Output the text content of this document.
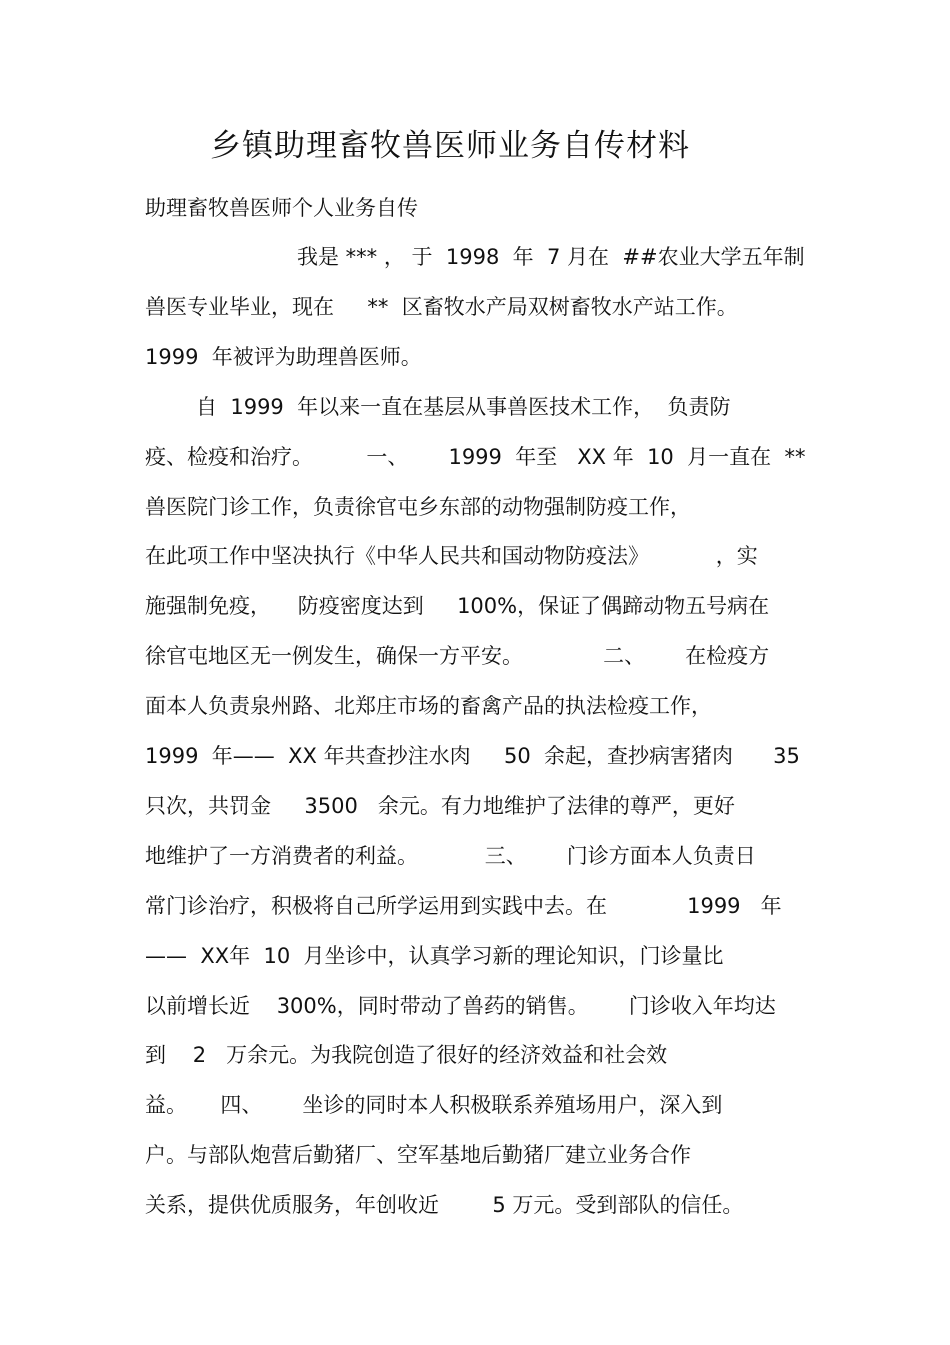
乡镇助理畜牧兽医师业务自传材料
助理畜牧兽医师个人业务自传
我是 *** ， 于  1998  年  7 月在  ##农业大学五年制
兽医专业毕业，现在     **  区畜牧水产局双树畜牧水产站工作。
1999  年被评为助理兽医师。
自  1999  年以来一直在基层从事兽医技术工作，  负责防
疫、检疫和治疗。        一、      1999  年至   XX 年  10  月一直在  **
兽医院门诊工作，负责徐官屯乡东部的动物强制防疫工作，
在此项工作中坚决执行《中华人民共和国动物防疫法》          ，实
施强制免疫，    防疫密度达到     100%，保证了偶蹄动物五号病在
徐官屯地区无一例发生，确保一方平安。            二、      在检疫方
面本人负责泉州路、北郑庄市场的畜禽产品的执法检疫工作，
1999  年——  XX 年共查抄注水肉     50  余起，查抄病害猪肉      35
只次，共罚金     3500   余元。有力地维护了法律的尊严，更好
地维护了一方消费者的利益。          三、      门诊方面本人负责日
常门诊治疗，积极将自己所学运用到实践中去。在            1999   年
——  XX年  10  月坐诊中，认真学习新的理论知识，门诊量比
以前增长近    300%，同时带动了兽药的销售。      门诊收入年均达
到    2   万余元。为我院创造了很好的经济效益和社会效
益。     四、      坐诊的同时本人积极联系养殖场用户，深入到
户。与部队炮营后勤猪厂、空军基地后勤猪厂建立业务合作
关系，提供优质服务，年创收近        5 万元。受到部队的信任。
